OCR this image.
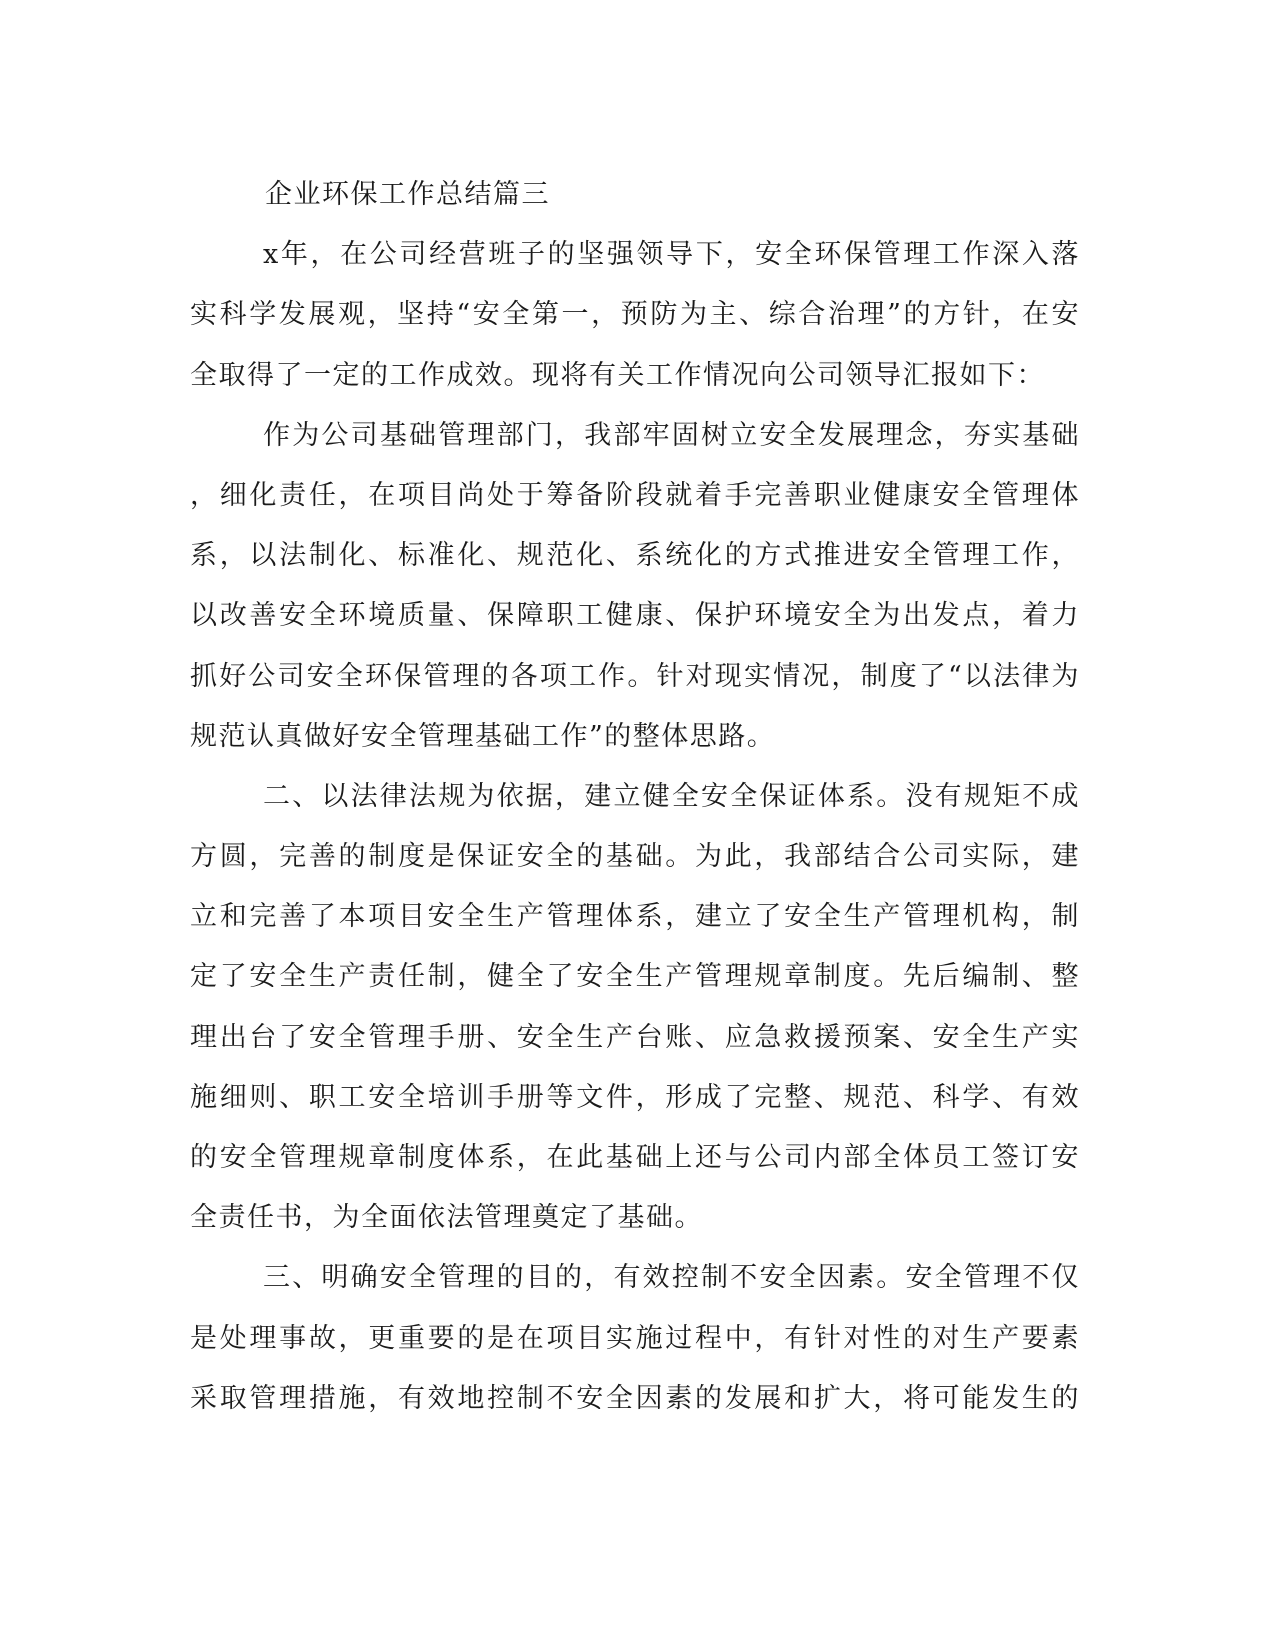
企业环保工作总结篇三

x年，在公司经营班子的坚强领导下，安全环保管理工作深入落
实科学发展观，坚持“安全第一，预防为主、综合治理”的方针，在安
全取得了一定的工作成效。现将有关工作情况向公司领导汇报如下：
作为公司基础管理部门，我部牢固树立安全发展理念，夯实基础
，细化责任，在项目尚处于筹备阶段就着手完善职业健康安全管理体
系，以法制化、标准化、规范化、系统化的方式推进安全管理工作，
以改善安全环境质量、保障职工健康、保护环境安全为出发点，着力
抓好公司安全环保管理的各项工作。针对现实情况，制度了“以法律为
规范认真做好安全管理基础工作”的整体思路。
二、以法律法规为依据，建立健全安全保证体系。没有规矩不成
方圆，完善的制度是保证安全的基础。为此，我部结合公司实际，建
立和完善了本项目安全生产管理体系，建立了安全生产管理机构，制
定了安全生产责任制，健全了安全生产管理规章制度。先后编制、整
理出台了安全管理手册、安全生产台账、应急救援预案、安全生产实
施细则、职工安全培训手册等文件，形成了完整、规范、科学、有效
的安全管理规章制度体系，在此基础上还与公司内部全体员工签订安
全责任书，为全面依法管理奠定了基础。
三、明确安全管理的目的，有效控制不安全因素。安全管理不仅
是处理事故，更重要的是在项目实施过程中，有针对性的对生产要素
采取管理措施，有效地控制不安全因素的发展和扩大，将可能发生的
